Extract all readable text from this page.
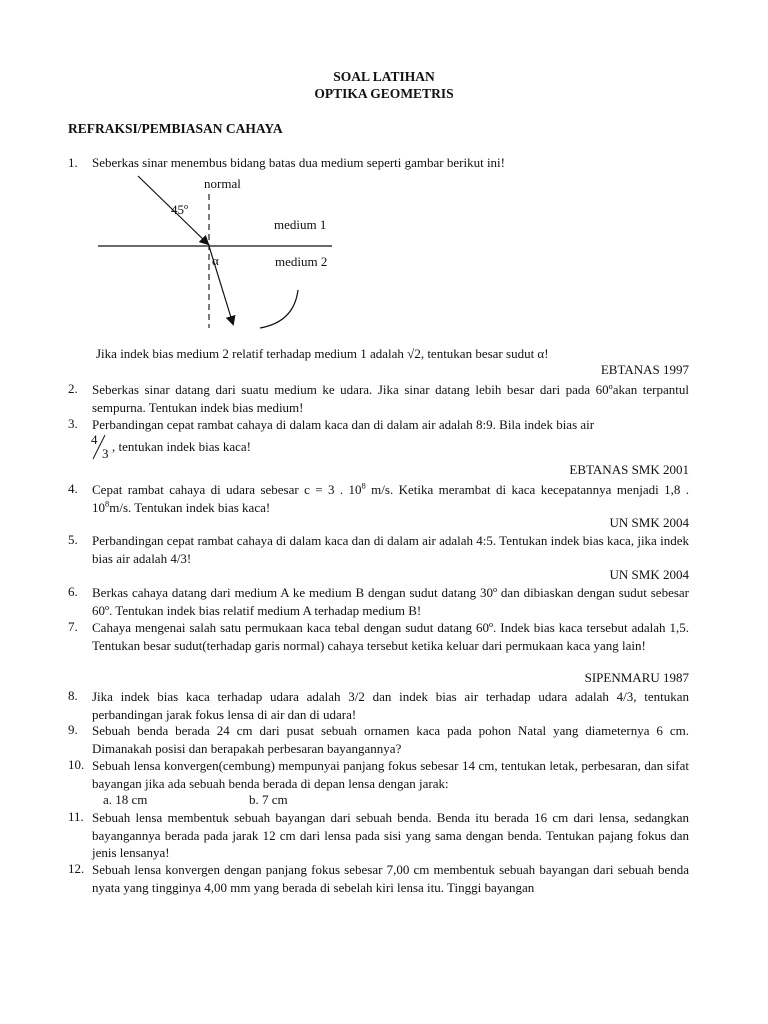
SOAL LATIHAN
OPTIKA GEOMETRIS
REFRAKSI/PEMBIASAN CAHAYA
1. Seberkas sinar menembus bidang batas dua medium seperti gambar berikut ini!
normal
45º
medium 1
medium 2
α
Jika indek bias medium 2 relatif terhadap medium 1 adalah √2, tentukan besar sudut α!
EBTANAS 1997
2. Seberkas sinar datang dari suatu medium ke udara. Jika sinar datang lebih besar dari pada 60ºakan terpantul sempurna. Tentukan indek bias medium!
3. Perbandingan cepat rambat cahaya di dalam kaca dan di dalam air adalah 8:9. Bila indek bias air
4
3 , tentukan indek bias kaca!
EBTANAS SMK 2001
4. Cepat rambat cahaya di udara sebesar c = 3 . $10^8$ m/s. Ketika merambat di kaca kecepatannya menjadi 1,8 . $10^8m/s$. Tentukan indek bias kaca!
UN SMK 2004
5. Perbandingan cepat rambat cahaya di dalam kaca dan di dalam air adalah 4:5. Tentukan indek bias kaca, jika indek bias air adalah 4/3!
UN SMK 2004
6. Berkas cahaya datang dari medium A ke medium B dengan sudut datang 30º dan dibiaskan dengan sudut sebesar 60º. Tentukan indek bias relatif medium A terhadap medium B!
7. Cahaya mengenai salah satu permukaan kaca tebal dengan sudut datang 60º. Indek bias kaca tersebut adalah 1,5. Tentukan besar sudut(terhadap garis normal) cahaya tersebut ketika keluar dari permukaan kaca yang lain!
SIPENMARU 1987
8. Jika indek bias kaca terhadap udara adalah 3/2 dan indek bias air terhadap udara adalah 4/3, tentukan perbandingan jarak fokus lensa di air dan di udara!
9. Sebuah benda berada 24 cm dari pusat sebuah ornamen kaca pada pohon Natal yang diameternya 6 cm. Dimanakah posisi dan berapakah perbesaran bayangannya?
10. Sebuah lensa konvergen(cembung) mempunyai panjang fokus sebesar 14 cm, tentukan letak, perbesaran, dan sifat bayangan jika ada sebuah benda berada di depan lensa dengan jarak:
a. 18 cm	b. 7 cm
11. Sebuah lensa membentuk sebuah bayangan dari sebuah benda. Benda itu berada 16 cm dari lensa, sedangkan bayangannya berada pada jarak 12 cm dari lensa pada sisi yang sama dengan benda. Tentukan pajang fokus dan jenis lensanya!
12. Sebuah lensa konvergen dengan panjang fokus sebesar 7,00 cm membentuk sebuah bayangan dari sebuah benda nyata yang tingginya 4,00 mm yang berada di sebelah kiri lensa itu. Tinggi bayangan
